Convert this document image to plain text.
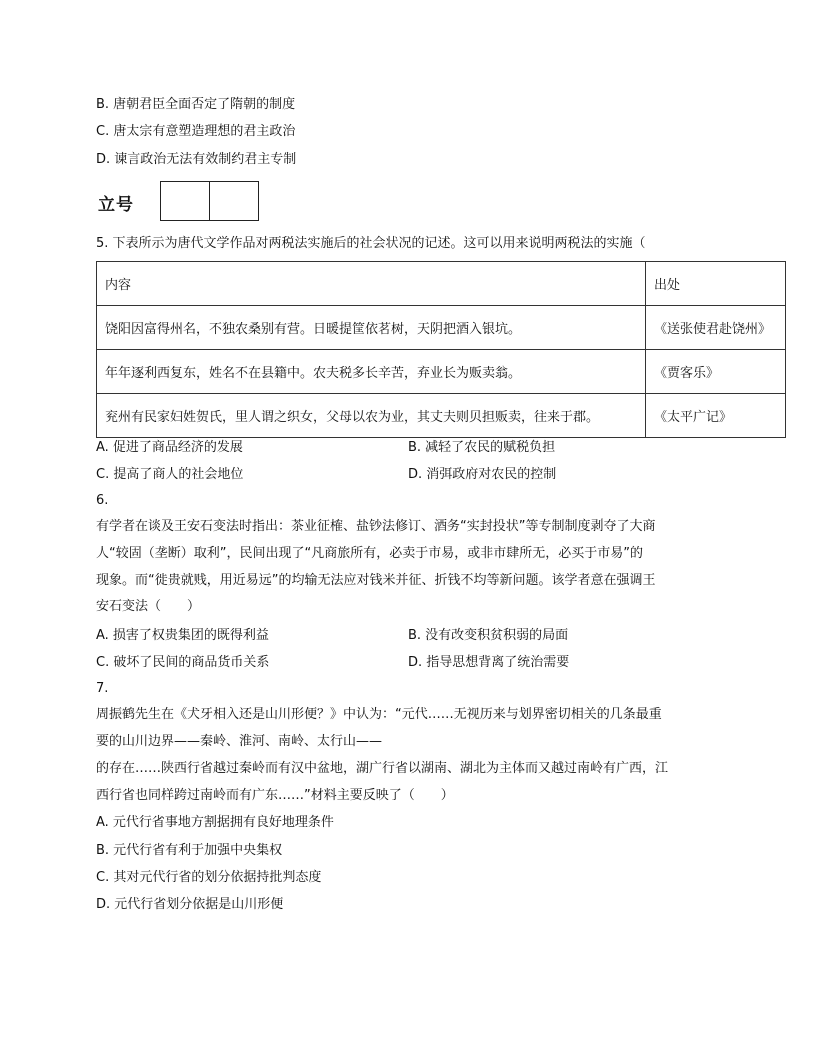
B. 唐朝君臣全面否定了隋朝的制度
C. 唐太宗有意塑造理想的君主政治
D. 谏言政治无法有效制约君主专制
立号
5. 下表所示为唐代文学作品对两税法实施后的社会状况的记述。这可以用来说明两税法的实施（
内容	出处
饶阳因富得州名，不独农桑别有营。日暖提筐依茗树，天阴把酒入银坑。	《送张使君赴饶州》
年年逐利西复东，姓名不在县籍中。农夫税多长辛苦，弃业长为贩卖翁。	《贾客乐》
兖州有民家妇姓贺氏，里人谓之织女，父母以农为业，其丈夫则贝担贩卖，往来于郡。	《太平广记》
A. 促进了商品经济的发展	B. 减轻了农民的赋税负担
C. 提高了商人的社会地位	D. 消弭政府对农民的控制
6.
有学者在谈及王安石变法时指出：茶业征榷、盐钞法修订、酒务“实封投状”等专制制度剥夺了大商
人“较固（垄断）取利”，民间出现了“凡商旅所有，必卖于市易，或非市肆所无，必买于市易”的
现象。而“徙贵就贱，用近易远”的均输无法应对钱米并征、折钱不均等新问题。该学者意在强调王
安石变法（　　）
A. 损害了权贵集团的既得利益	B. 没有改变积贫积弱的局面
C. 破坏了民间的商品货币关系	D. 指导思想背离了统治需要
7.
周振鹤先生在《犬牙相入还是山川形便？》中认为：“元代……无视历来与划界密切相关的几条最重
要的山川边界——秦岭、淮河、南岭、太行山——
的存在……陕西行省越过秦岭而有汉中盆地，湖广行省以湖南、湖北为主体而又越过南岭有广西，江
西行省也同样跨过南岭而有广东……”材料主要反映了（　　）
A. 元代行省事地方割据拥有良好地理条件
B. 元代行省有利于加强中央集权
C. 其对元代行省的划分依据持批判态度
D. 元代行省划分依据是山川形便
